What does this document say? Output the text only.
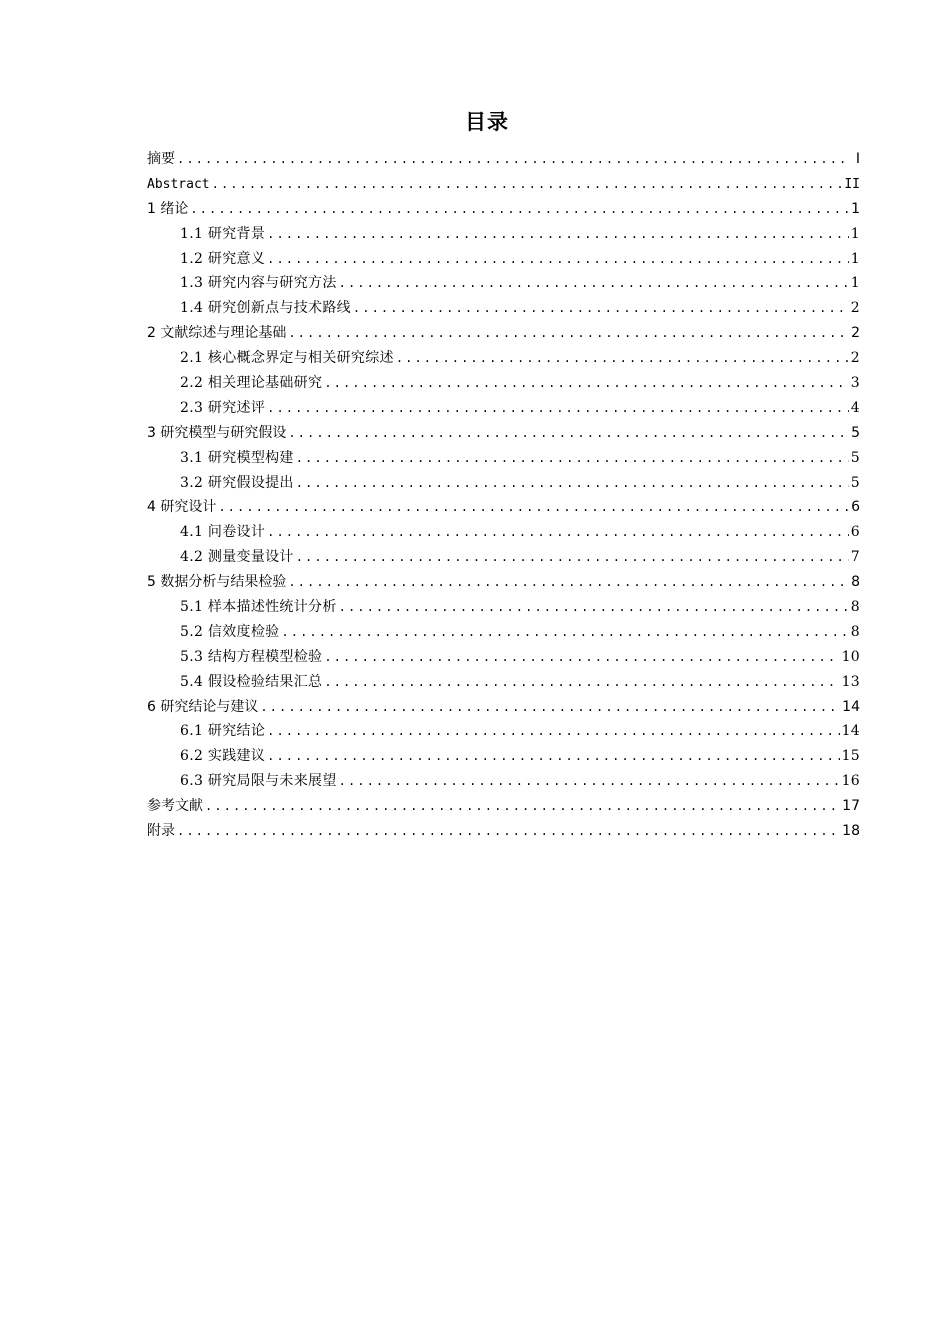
目录
摘要 .....	I
Abstract .....	II
1 绪论 .....	1
1.1 研究背景 .....	1
1.2 研究意义 .....	1
1.3 研究内容与研究方法 .....	1
1.4 研究创新点与技术路线 .....	2
2 文献综述与理论基础 .....	2
2.1 核心概念界定与相关研究综述 .....	2
2.2 相关理论基础研究 .....	3
2.3 研究述评 .....	4
3 研究模型与研究假设 .....	5
3.1 研究模型构建 .....	5
3.2 研究假设提出 .....	5
4 研究设计 .....	6
4.1 问卷设计 .....	6
4.2 测量变量设计 .....	7
5 数据分析与结果检验 .....	8
5.1 样本描述性统计分析 .....	8
5.2 信效度检验 .....	8
5.3 结构方程模型检验 .....	10
5.4 假设检验结果汇总 .....	13
6 研究结论与建议 .....	14
6.1 研究结论 .....	14
6.2 实践建议 .....	15
6.3 研究局限与未来展望 .....	16
参考文献 .....	17
附录 .....	18
